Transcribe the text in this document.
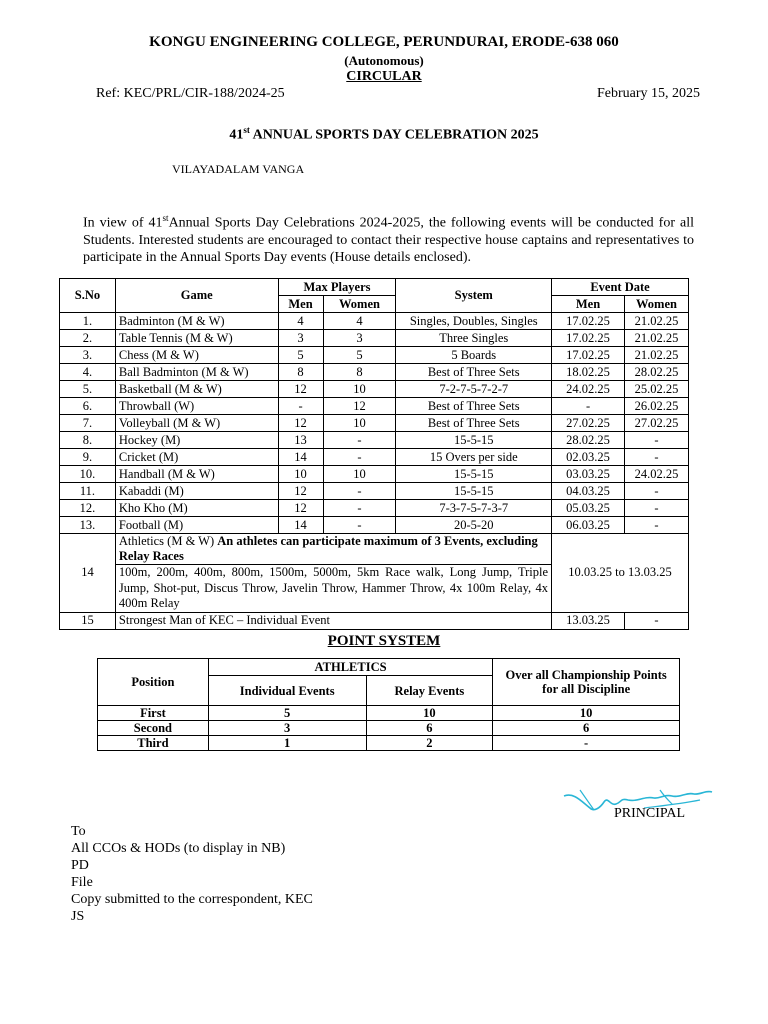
KONGU ENGINEERING COLLEGE, PERUNDURAI, ERODE-638 060
(Autonomous)
CIRCULAR
Ref: KEC/PRL/CIR-188/2024-25	February 15, 2025
41st ANNUAL SPORTS DAY CELEBRATION 2025
VILAYADALAM VANGA
In view of 41stAnnual Sports Day Celebrations 2024-2025, the following events will be conducted for all Students. Interested students are encouraged to contact their respective house captains and representatives to participate in the Annual Sports Day events (House details enclosed).
S.No	Game	Max Players		System	Event Date	
		Men	Women		Men	Women
1.	Badminton (M & W)	4	4	Singles, Doubles, Singles	17.02.25	21.02.25
2.	Table Tennis (M & W)	3	3	Three Singles	17.02.25	21.02.25
3.	Chess (M & W)	5	5	5 Boards	17.02.25	21.02.25
4.	Ball Badminton (M & W)	8	8	Best of Three Sets	18.02.25	28.02.25
5.	Basketball (M & W)	12	10	7-2-7-5-7-2-7	24.02.25	25.02.25
6.	Throwball (W)	-	12	Best of Three Sets	-	26.02.25
7.	Volleyball (M & W)	12	10	Best of Three Sets	27.02.25	27.02.25
8.	Hockey (M)	13	-	15-5-15	28.02.25	-
9.	Cricket (M)	14	-	15 Overs per side	02.03.25	-
10.	Handball (M & W)	10	10	15-5-15	03.03.25	24.02.25
11.	Kabaddi (M)	12	-	15-5-15	04.03.25	-
12.	Kho Kho (M)	12	-	7-3-7-5-7-3-7	05.03.25	-
13.	Football (M)	14	-	20-5-20	06.03.25	-
14	Athletics (M & W) An athletes can participate maximum of 3 Events, excluding Relay Races				10.03.25 to 13.03.25	
	100m, 200m, 400m, 800m, 1500m, 5000m, 5km Race walk, Long Jump, Triple Jump, Shot-put, Discus Throw, Javelin Throw, Hammer Throw, 4x 100m Relay, 4x 400m Relay					
15	Strongest Man of KEC – Individual Event				13.03.25	-
POINT SYSTEM
Position	ATHLETICS		Over all Championship Points for all Discipline
	Individual Events	Relay Events	
First	5	10	10
Second	3	6	6
Third	1	2	-
PRINCIPAL
To
All CCOs & HODs (to display in NB)
PD
File
Copy submitted to the correspondent, KEC
JS
